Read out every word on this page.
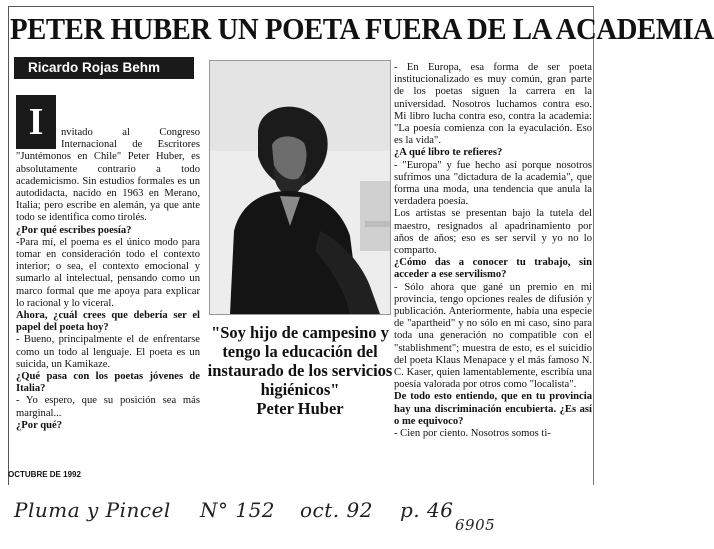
PETER HUBER UN POETA FUERA DE LA ACADEMIA
Ricardo Rojas Behm
I	nvitado al Congreso Internacional de Escritores "Juntémonos en Chile" Peter Huber, es absolutamente contrario a todo academicismo. Sin estudios formales es un autodidacta, nacido en 1963 en Merano, Italia; pero escribe en alemán, ya que ante todo se identifica como tirolés.

¿Por qué escribes poesía?

-Para mí, el poema es el único modo para tomar en consideración todo el contexto interior; o sea, el contexto emocional y sumarlo al intelectual, pensando como un marco formal que me apoya para explicar lo racional y lo viceral.

Ahora, ¿cuál crees que debería ser el papel del poeta hoy?

- Bueno, principalmente el de enfrentarse como un todo al lenguaje. El poeta es un suicida, un Kamikaze.

¿Qué pasa con los poetas jóvenes de Italia?

- Yo espero, que su posición sea más marginal...

¿Por qué?

"Soy hijo de campesino y tengo la educación del instaurado de los servicios higiénicos"
Peter Huber

- En Europa, esa forma de ser poeta institucionalizado es muy común, gran parte de los poetas siguen la carrera en la universidad. Nosotros luchamos contra eso. Mi libro lucha contra eso, contra la academia: "La poesía comienza con la eyaculación. Eso es la vida".

¿A qué libro te refieres?

- "Europa" y fue hecho así porque nosotros sufrimos una "dictadura de la academia", que forma una moda, una tendencia que anula la verdadera poesía.

Los artistas se presentan bajo la tutela del maestro, resignados al apadrinamiento por años de años; eso es ser servil y yo no lo comparto.

¿Cómo das a conocer tu trabajo, sin acceder a ese servilismo?

- Sólo ahora que gané un premio en mi provincia, tengo opciones reales de difusión y publicación. Anteriormente, había una especie de "apartheid" y no sólo en mi caso, sino para toda una generación no compatible con el "stablishment"; muestra de esto, es el suicidio del poeta Klaus Menapace y el más famoso N. C. Kaser, quien lamentablemente, escribía una poesía valorada por otros como "localista".

De todo esto entiendo, que en tu provincia hay una discriminación encubierta. ¿Es así o me equivoco?

- Cien por ciento. Nosotros somos ti-

OCTUBRE DE 1992
Pluma y Pincel N° 152 oct. 92 p. 46
6905
